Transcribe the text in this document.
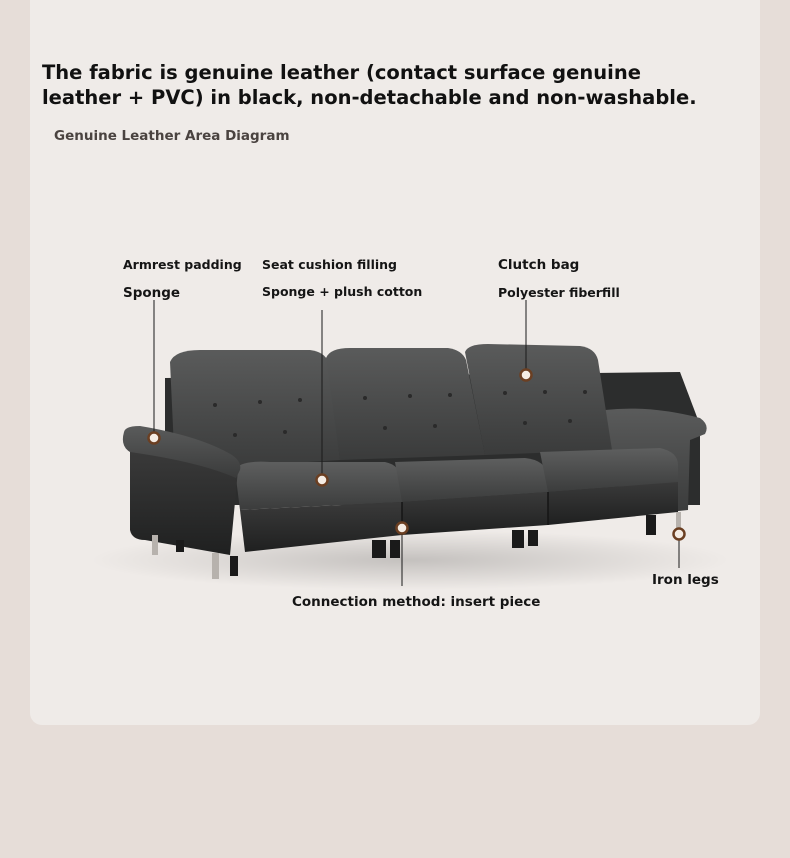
The fabric is genuine leather (contact surface genuine leather + PVC) in black, non-detachable and non-washable.
Genuine Leather Area Diagram
Armrest padding
Sponge
Seat cushion filling
Sponge + plush cotton
Clutch bag
Polyester fiberfill
Connection method: insert piece
Iron legs
